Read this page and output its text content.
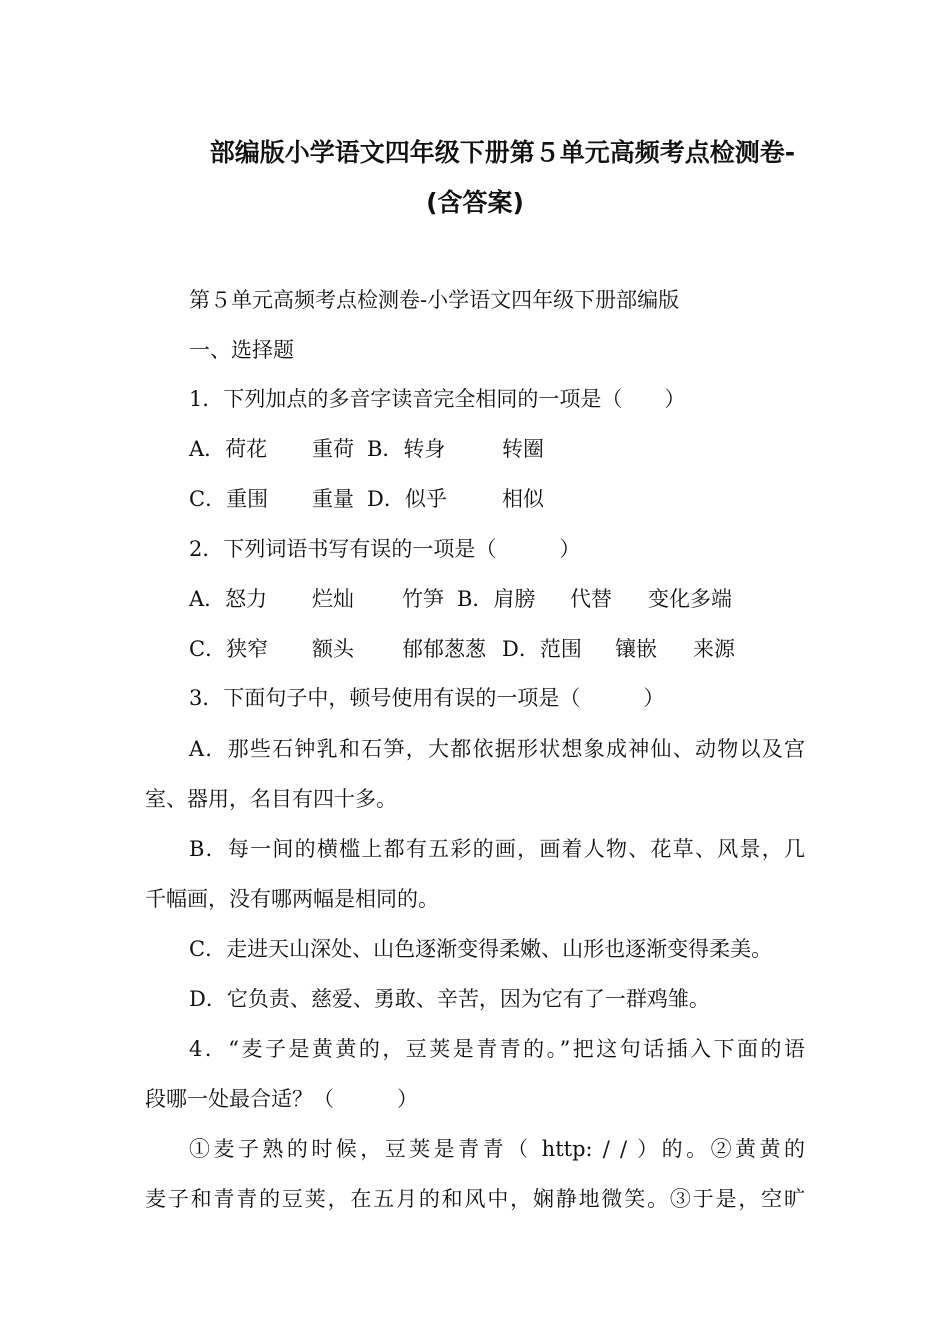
部编版小学语文四年级下册第５单元高频考点检测卷-
(含答案)
第５单元高频考点检测卷-小学语文四年级下册部编版
一、选择题
1．下列加点的多音字读音完全相同的一项是（　　）
A．荷花 重荷 B．转身	转圈
C．重围 重量 D．似乎	相似
2．下列词语书写有误的一项是（　　　）
A．怒力 烂灿 竹笋 B．肩膀 代替 变化多端
C．狭窄 额头 郁郁葱葱 D．范围 镶嵌 来源
3．下面句子中，顿号使用有误的一项是（　　　）
A．那些石钟乳和石笋，大都依据形状想象成神仙、动物以及宫
室、器用，名目有四十多。
B．每一间的横槛上都有五彩的画，画着人物、花草、风景，几
千幅画，没有哪两幅是相同的。
C．走进天山深处、山色逐渐变得柔嫩、山形也逐渐变得柔美。
D．它负责、慈爱、勇敢、辛苦，因为它有了一群鸡雏。
4．“麦子是黄黄的，豆荚是青青的。”把这句话插入下面的语
段哪一处最合适？（　　　）
①麦子熟的时候，豆荚是青青（ http: / / ）的。②黄黄的
麦子和青青的豆荚，在五月的和风中，娴静地微笑。③于是，空旷
